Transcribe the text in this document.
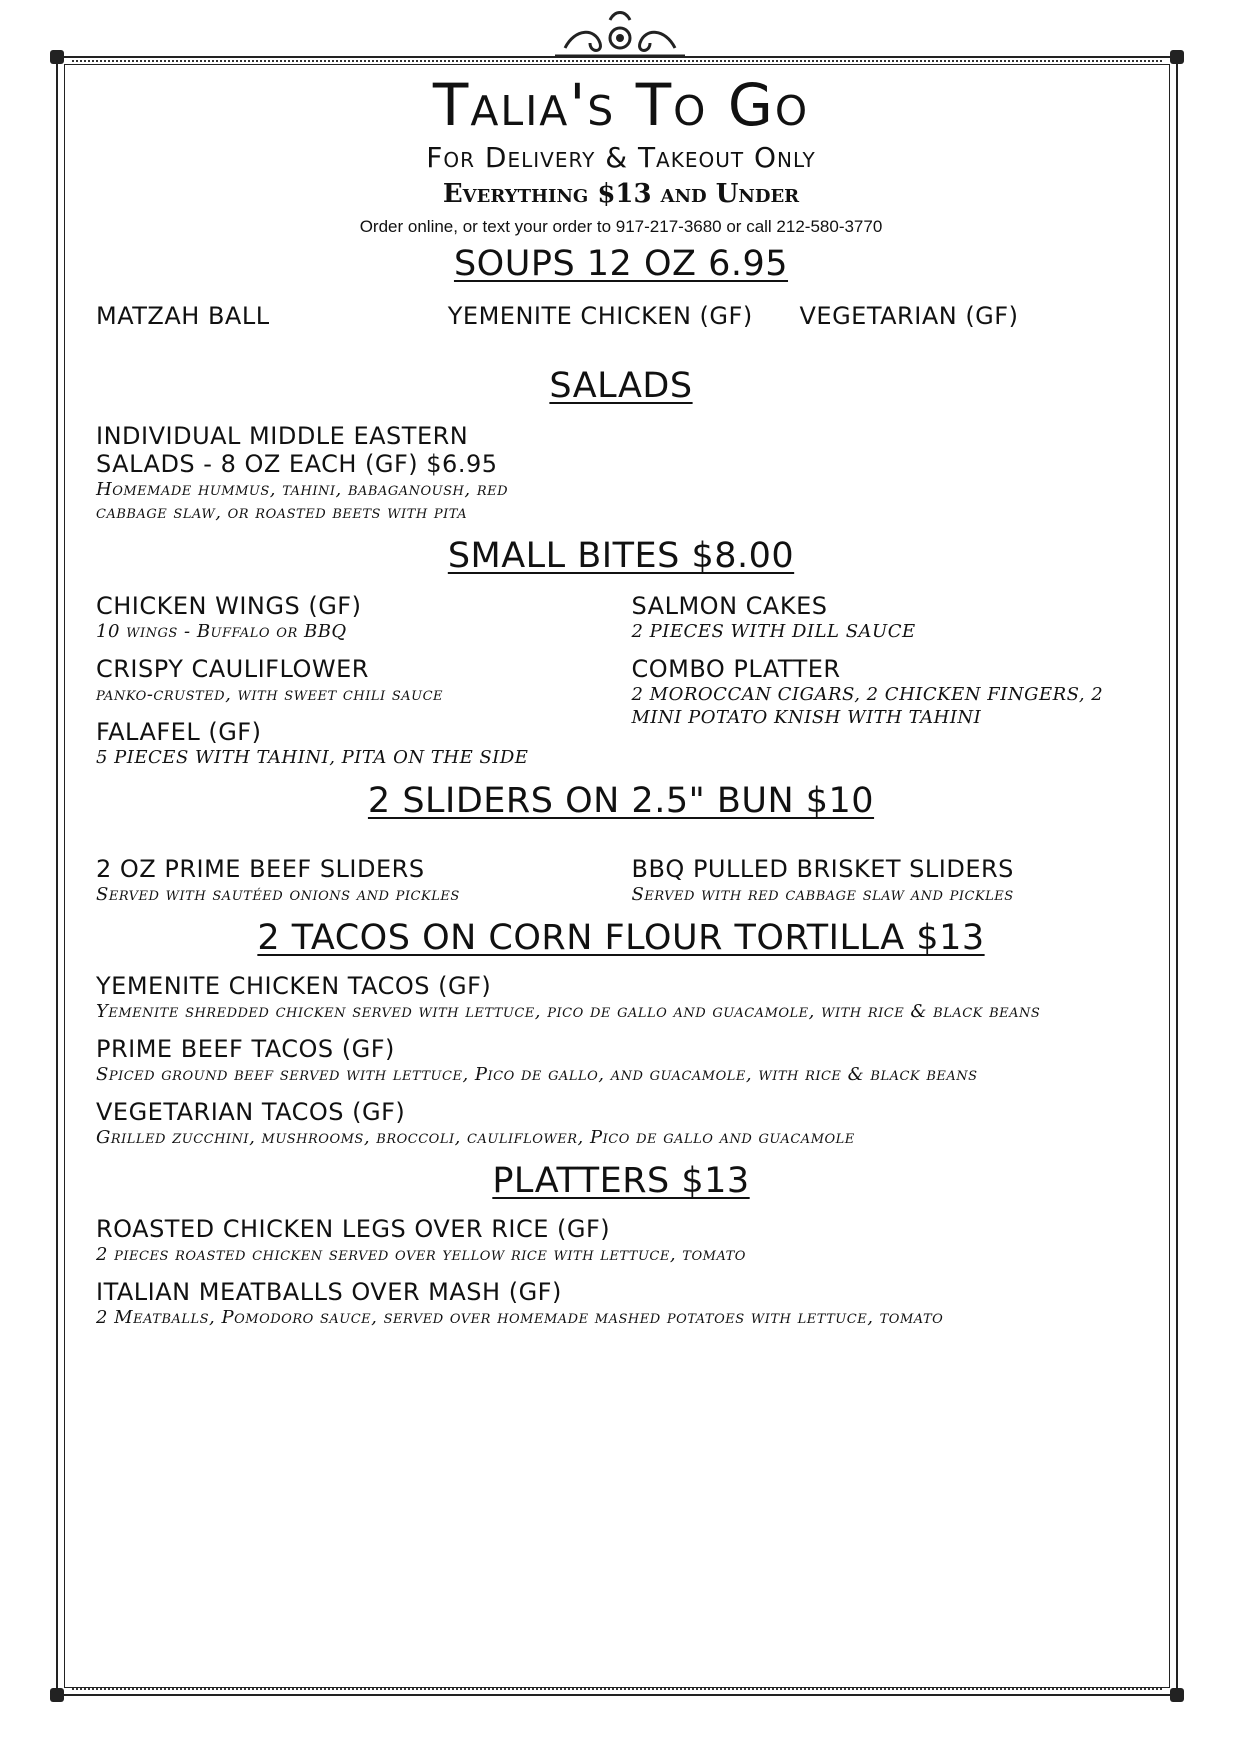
Talia's To Go
For Delivery & Takeout Only
Everything $13 and Under
Order online, or text your order to 917-217-3680 or call 212-580-3770
SOUPS 12 OZ 6.95
MATZAH BALL	YEMENITE CHICKEN (GF)	VEGETARIAN (GF)
SALADS
INDIVIDUAL MIDDLE EASTERN SALADS - 8 OZ EACH (GF) $6.95
Homemade hummus, tahini, babaganoush, red cabbage slaw, or roasted beets with pita
SMALL BITES $8.00
CHICKEN WINGS (GF)
10 wings - Buffalo or BBQ
CRISPY CAULIFLOWER
panko-crusted, with sweet chili sauce
FALAFEL (GF)
5 PIECES WITH TAHINI, PITA ON THE SIDE
SALMON CAKES
2 PIECES WITH DILL SAUCE
COMBO PLATTER
2 MOROCCAN CIGARS, 2 CHICKEN FINGERS, 2 MINI POTATO KNISH WITH TAHINI
2 SLIDERS ON 2.5" BUN $10
2 OZ PRIME BEEF SLIDERS
Served with sautéed onions and pickles
BBQ PULLED BRISKET SLIDERS
Served with red cabbage slaw and pickles
2 TACOS ON CORN FLOUR TORTILLA $13
YEMENITE CHICKEN TACOS (GF)
Yemenite shredded chicken served with lettuce, pico de gallo and guacamole, with rice & black beans
PRIME BEEF TACOS (GF)
Spiced ground beef served with lettuce, Pico de gallo, and guacamole, with rice & black beans
VEGETARIAN TACOS (GF)
Grilled zucchini, mushrooms, broccoli, cauliflower, Pico de gallo and guacamole
PLATTERS $13
ROASTED CHICKEN LEGS OVER RICE (GF)
2 pieces roasted chicken served over yellow rice with lettuce, tomato
ITALIAN MEATBALLS OVER MASH (GF)
2 Meatballs, Pomodoro sauce, served over homemade mashed potatoes with lettuce, tomato
